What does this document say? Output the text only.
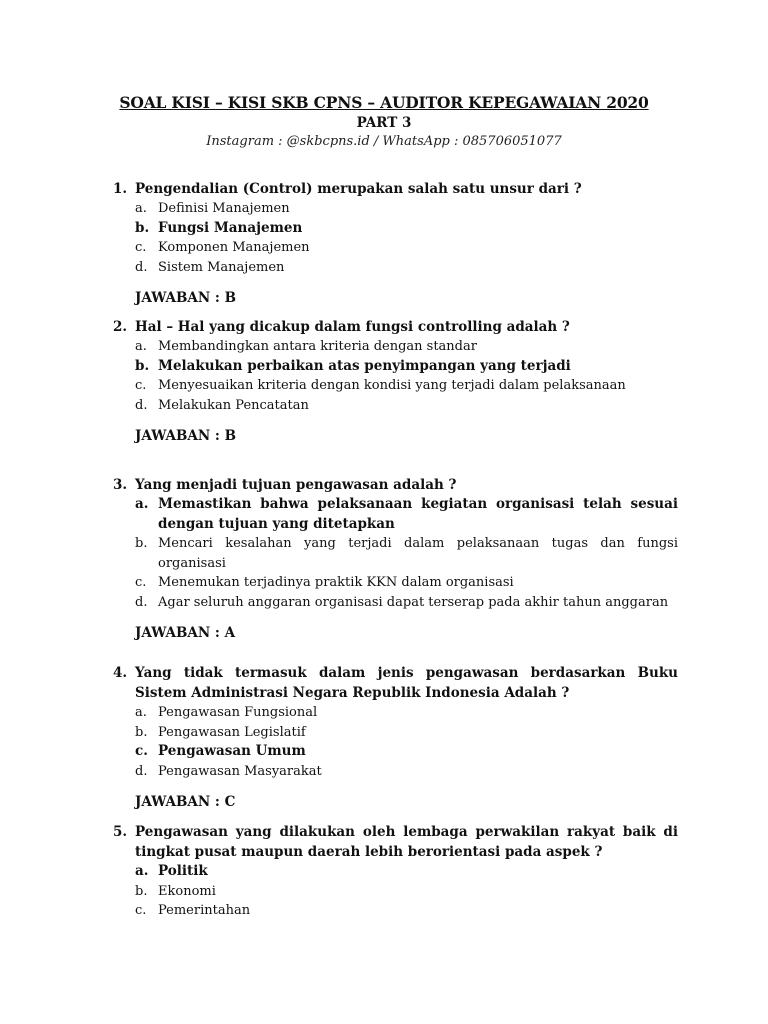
SOAL KISI – KISI SKB CPNS – AUDITOR KEPEGAWAIAN 2020
PART 3
Instagram : @skbcpns.id / WhatsApp : 085706051077
1. Pengendalian (Control) merupakan salah satu unsur dari ?
a. Definisi Manajemen
b. Fungsi Manajemen
c. Komponen Manajemen
d. Sistem Manajemen
JAWABAN : B
2. Hal – Hal yang dicakup dalam fungsi controlling adalah ?
a. Membandingkan antara kriteria dengan standar
b. Melakukan perbaikan atas penyimpangan yang terjadi
c. Menyesuaikan kriteria dengan kondisi yang terjadi dalam pelaksanaan
d. Melakukan Pencatatan
JAWABAN : B
3. Yang menjadi tujuan pengawasan adalah ?
a. Memastikan bahwa pelaksanaan kegiatan organisasi telah sesuai dengan tujuan yang ditetapkan
b. Mencari kesalahan yang terjadi dalam pelaksanaan tugas dan fungsi organisasi
c. Menemukan terjadinya praktik KKN dalam organisasi
d. Agar seluruh anggaran organisasi dapat terserap pada akhir tahun anggaran
JAWABAN : A
4. Yang tidak termasuk dalam jenis pengawasan berdasarkan Buku Sistem Administrasi Negara Republik Indonesia Adalah ?
a. Pengawasan Fungsional
b. Pengawasan Legislatif
c. Pengawasan Umum
d. Pengawasan Masyarakat
JAWABAN : C
5. Pengawasan yang dilakukan oleh lembaga perwakilan rakyat baik di tingkat pusat maupun daerah lebih berorientasi pada aspek ?
a. Politik
b. Ekonomi
c. Pemerintahan
